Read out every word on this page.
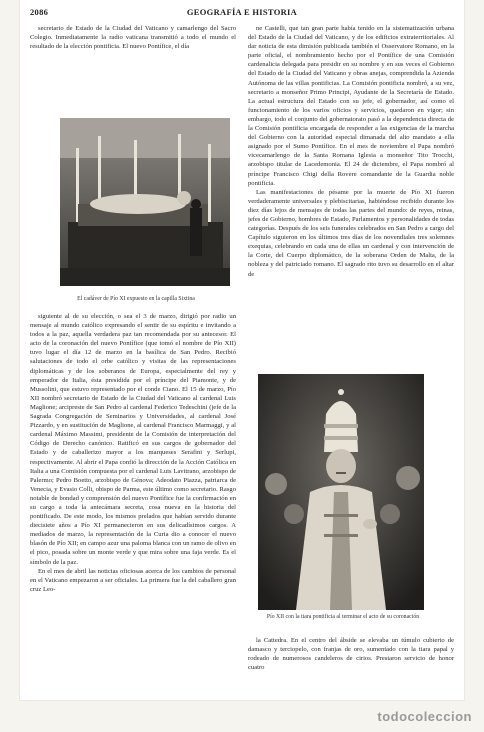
2086	GEOGRAFÍA E HISTORIA

secretario de Estado de la Ciudad del Vaticano y camarlengo del Sacro Colegio. Inmediatamente la radio vaticana transmitió a todo el mundo el resultado de la elección pontificia. El nuevo Pontífice, el día

El cadáver de Pío XI expuesto en la capilla Sixtina

siguiente al de su elección, o sea el 3 de marzo, dirigió por radio un mensaje al mundo católico expresando el sentir de su espíritu e invitando a todos a la paz, aquella verdadera paz tan recomendada por su antecesor. El acto de la coronación del nuevo Pontífice (que tomó el nombre de Pío XII) tuvo lugar el día 12 de marzo en la basílica de San Pedro. Recibió salutaciones de todo el orbe católico y visitas de las representaciones diplomáticas y de los soberanos de Europa, especialmente del rey y emperador de Italia, ésta presidida por el príncipe del Piamonte, y de Mussolini, que estuvo representado por el conde Ciano. El 15 de marzo, Pío XII nombró secretario de Estado de la Ciudad del Vaticano al cardenal Luis Maglione; arcipreste de San Pedro al cardenal Federico Tedeschini (jefe de la Sagrada Congregación de Seminarios y Universidades, al cardenal José Pizzardo, y en sustitución de Maglione, al cardenal Francisco Marmaggi, y al cardenal Máximo Massimi, presidente de la Comisión de interpretación del Código de Derecho canónico. Ratificó en sus cargos de gobernador del Estado y de caballerizo mayor a los marqueses Serafini y Serlupi, respectivamente. Al abrir el Papa confió la dirección de la Acción Católica en Italia a una Comisión compuesta por el cardenal Luis Lavitrano, arzobispo de Palermo; Pedro Boetto, arzobispo de Génova; Adeodato Piazza, patriarca de Venecia, y Evasio Colli, obispo de Parma, este último como secretario. Rasgo notable de bondad y comprensión del nuevo Pontífice fue la confirmación en su cargo a toda la antecámara secreta, cosa nueva en la historia del pontificado. De este modo, los mismos prelados que habían servido durante diecisiete años a Pío XI permanecieron en sus delicadísimos cargos. A mediados de marzo, la representación de la Curia dio a conocer el nuevo blasón de Pío XII; en campo azur una paloma blanca con un ramo de olivo en el pico, posada sobre un monte verde y que mira sobre una faja verde. Es el símbolo de la paz.

En el mes de abril las noticias oficiosas acerca de los cambios de personal en el Vaticano empezaron a ser oficiales. La primera fue la del caballero gran cruz Leo-

ne Castelli, que tan gran parte había tenido en la sistematización urbana del Estado de la Ciudad del Vaticano, y de los edificios extraterritoriales. Al dar noticia de esta dimisión publicada también el Osservatore Romano, en la parte oficial, el nombramiento hecho por el Pontífice de una Comisión cardenalicia delegada para presidir en su nombre y en sus veces el Gobierno del Estado de la Ciudad del Vaticano y obras anejas, comprendida la Azienda Autónoma de las villas pontificias. La Comisión pontificia nombró, a su vez, secretario a monseñor Primo Principi, Ayudante de la Secretaría de Estado. La actual estructura del Estado con su jefe, el gobernador, así como el funcionamiento de los varios oficios y servicios, quedaron en vigor; sin embargo, todo el conjunto del gobernatorato pasó a la dependencia directa de la Comisión pontificia encargada de responder a las exigencias de la marcha del Gobierno con la autoridad especial dimanada del alto mandato a ella asignado por el Sumo Pontífice. En el mes de noviembre el Papa nombró vicecamarlengo de la Santa Romana Iglesia a monseñor Tito Trocchi, arzobispo titular de Lacedemonia. El 24 de diciembre, el Papa nombró al príncipe Francisco Chigi della Rovere comandante de la Guardia noble pontificia.

Las manifestaciones de pésame por la muerte de Pío XI fueron verdaderamente universales y plebiscitarias, habiéndose recibido durante los diez días lejos de mensajes de todas las partes del mundo: de reyes, reinas, jefes de Gobierno, hombres de Estado, Parlamentos y personalidades de todas categorías. Después de los seis funerales celebrados en San Pedro a cargo del Capítulo siguieron en los últimos tres días de los novendiales tres solemnes exequias, celebrando en cada una de ellas un cardenal y con intervención de la Corte, del Cuerpo diplomático, de la soberana Orden de Malta, de la nobleza y del patriciado romano. El sagrado rito tuvo su desarrollo en el altar de

Pío XII con la tiara pontificia al terminar el acto de su coronación

la Cattedra. En el centro del ábside se elevaba un túmulo cubierto de damasco y terciopelo, con franjas de oro, sumentado con la tiara papal y rodeado de numerosos candeleros de cirios. Prestaron servicio de honor cuatro

todocoleccion
